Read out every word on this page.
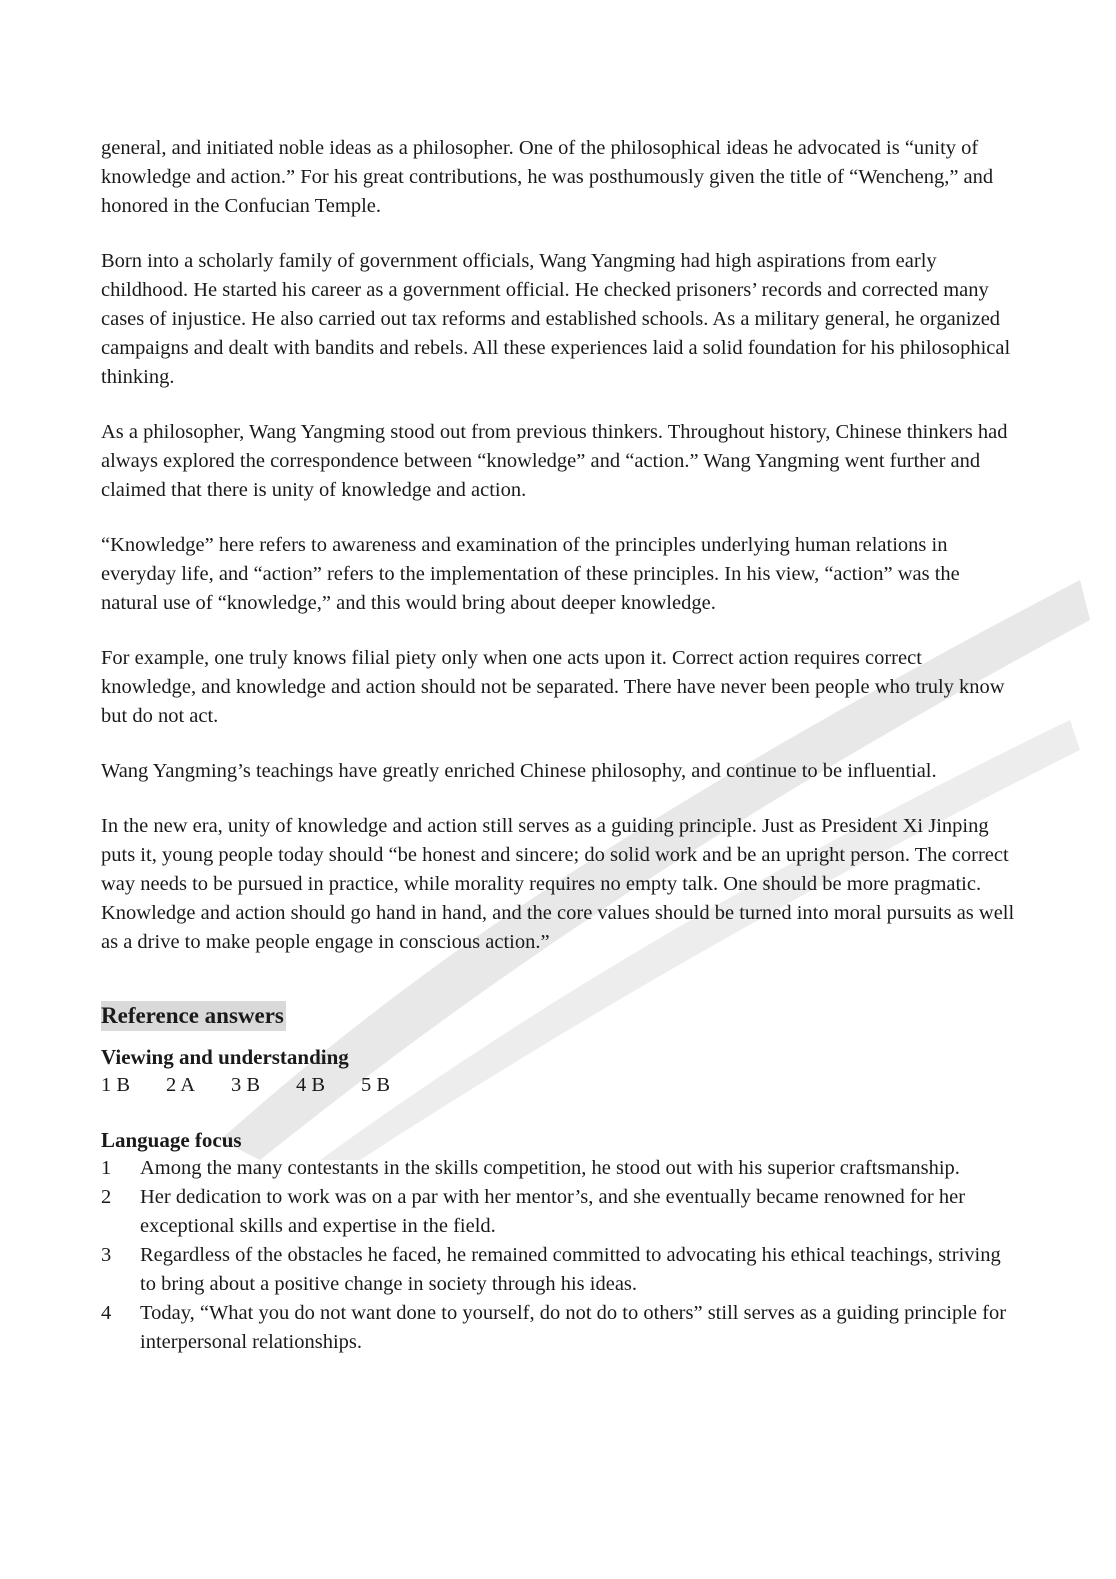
general, and initiated noble ideas as a philosopher. One of the philosophical ideas he advocated is “unity of knowledge and action.” For his great contributions, he was posthumously given the title of “Wencheng,” and honored in the Confucian Temple.

Born into a scholarly family of government officials, Wang Yangming had high aspirations from early childhood. He started his career as a government official. He checked prisoners’ records and corrected many cases of injustice. He also carried out tax reforms and established schools. As a military general, he organized campaigns and dealt with bandits and rebels. All these experiences laid a solid foundation for his philosophical thinking.

As a philosopher, Wang Yangming stood out from previous thinkers. Throughout history, Chinese thinkers had always explored the correspondence between “knowledge” and “action.” Wang Yangming went further and claimed that there is unity of knowledge and action.

“Knowledge” here refers to awareness and examination of the principles underlying human relations in everyday life, and “action” refers to the implementation of these principles. In his view, “action” was the natural use of “knowledge,” and this would bring about deeper knowledge.

For example, one truly knows filial piety only when one acts upon it. Correct action requires correct knowledge, and knowledge and action should not be separated. There have never been people who truly know but do not act.

Wang Yangming’s teachings have greatly enriched Chinese philosophy, and continue to be influential.

In the new era, unity of knowledge and action still serves as a guiding principle. Just as President Xi Jinping puts it, young people today should “be honest and sincere; do solid work and be an upright person. The correct way needs to be pursued in practice, while morality requires no empty talk. One should be more pragmatic. Knowledge and action should go hand in hand, and the core values should be turned into moral pursuits as well as a drive to make people engage in conscious action.”

Reference answers

Viewing and understanding

1 B	2 A	3 B	4 B	5 B

Language focus

1	Among the many contestants in the skills competition, he stood out with his superior craftsmanship.
2	Her dedication to work was on a par with her mentor’s, and she eventually became renowned for her exceptional skills and expertise in the field.
3	Regardless of the obstacles he faced, he remained committed to advocating his ethical teachings, striving to bring about a positive change in society through his ideas.
4	Today, “What you do not want done to yourself, do not do to others” still serves as a guiding principle for interpersonal relationships.
